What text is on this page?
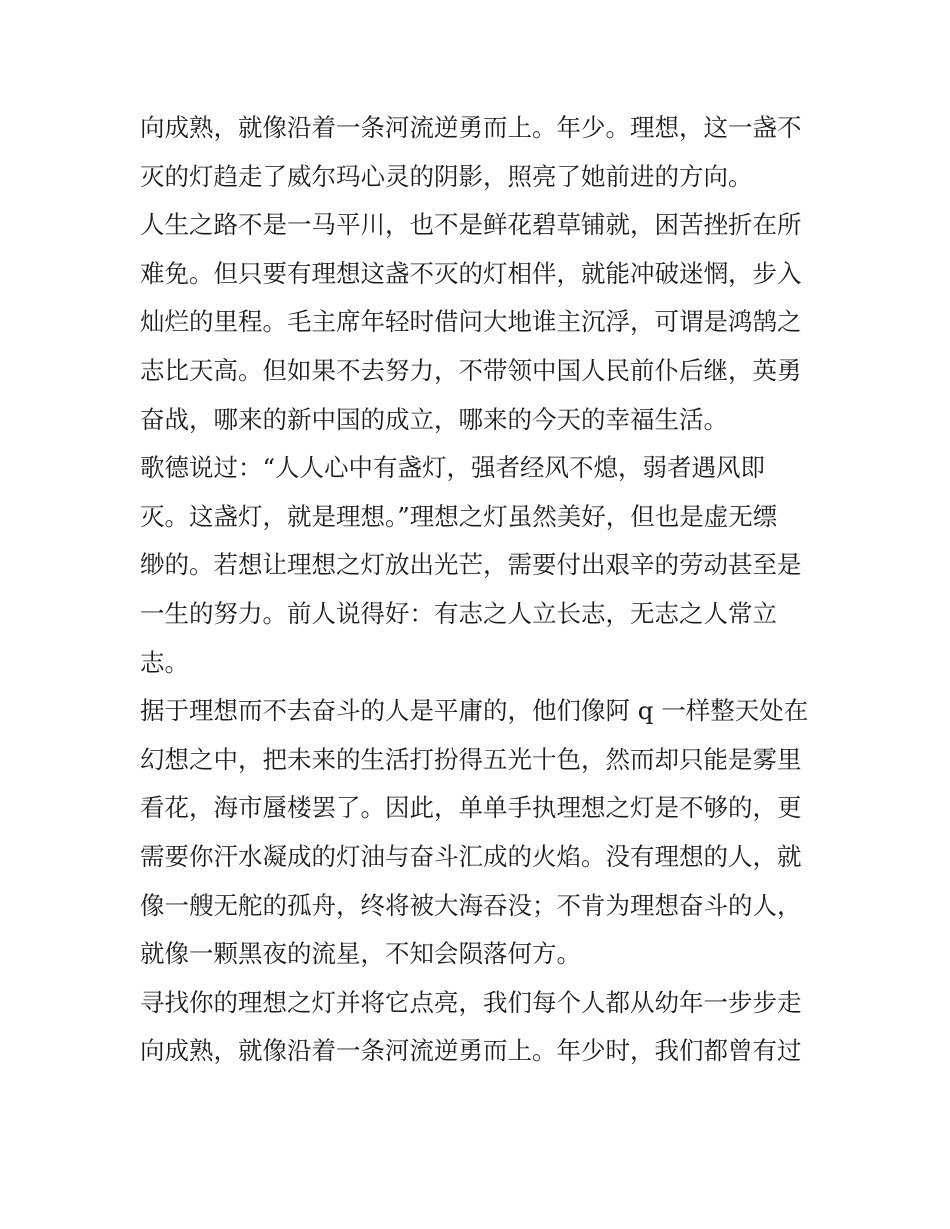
向成熟，就像沿着一条河流逆勇而上。年少。理想，这一盏不
灭的灯趋走了威尔玛心灵的阴影，照亮了她前进的方向。
人生之路不是一马平川，也不是鲜花碧草铺就，困苦挫折在所
难免。但只要有理想这盏不灭的灯相伴，就能冲破迷惘，步入
灿烂的里程。毛主席年轻时借问大地谁主沉浮，可谓是鸿鹄之
志比天高。但如果不去努力，不带领中国人民前仆后继，英勇
奋战，哪来的新中国的成立，哪来的今天的幸福生活。
歌德说过：“人人心中有盏灯，强者经风不熄，弱者遇风即
灭。这盏灯，就是理想。”理想之灯虽然美好，但也是虚无缥
缈的。若想让理想之灯放出光芒，需要付出艰辛的劳动甚至是
一生的努力。前人说得好：有志之人立长志，无志之人常立
志。
据于理想而不去奋斗的人是平庸的，他们像阿 q 一样整天处在
幻想之中，把未来的生活打扮得五光十色，然而却只能是雾里
看花，海市蜃楼罢了。因此，单单手执理想之灯是不够的，更
需要你汗水凝成的灯油与奋斗汇成的火焰。没有理想的人，就
像一艘无舵的孤舟，终将被大海吞没；不肯为理想奋斗的人，
就像一颗黑夜的流星，不知会陨落何方。
寻找你的理想之灯并将它点亮，我们每个人都从幼年一步步走
向成熟，就像沿着一条河流逆勇而上。年少时，我们都曾有过
